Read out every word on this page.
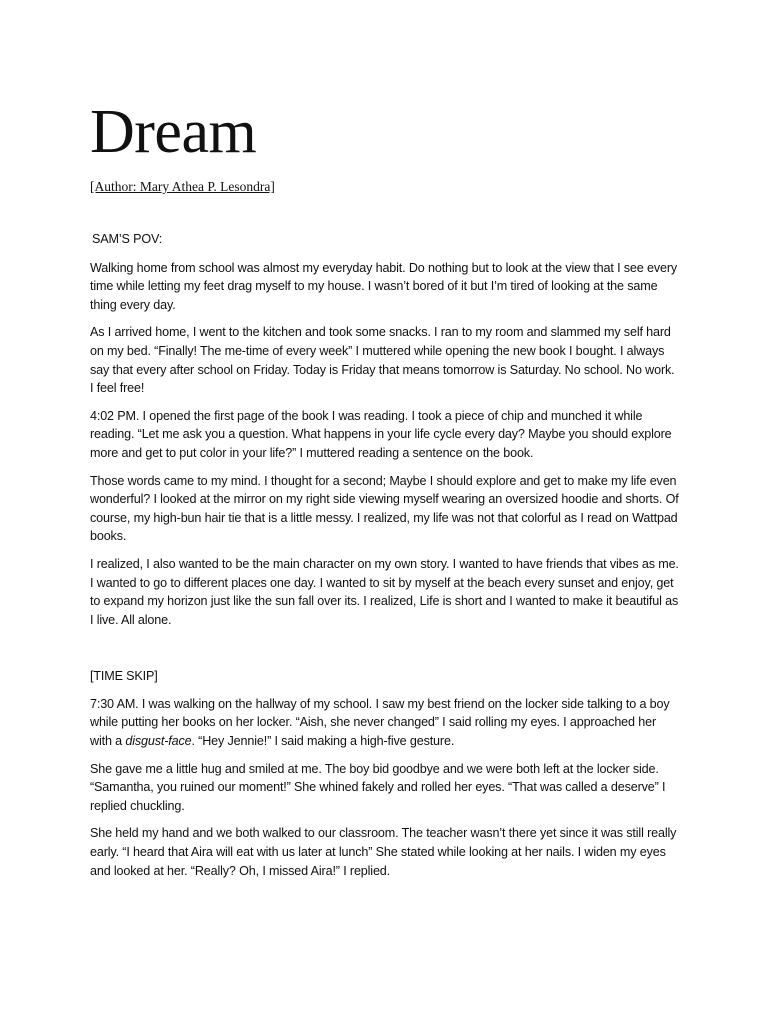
Dream
[Author: Mary Athea P. Lesondra]
SAM’S POV:

Walking home from school was almost my everyday habit. Do nothing but to look at the view that I see every time while letting my feet drag myself to my house. I wasn’t bored of it but I’m tired of looking at the same thing every day.

As I arrived home, I went to the kitchen and took some snacks. I ran to my room and slammed my self hard on my bed. “Finally! The me-time of every week” I muttered while opening the new book I bought. I always say that every after school on Friday. Today is Friday that means tomorrow is Saturday. No school. No work. I feel free!

4:02 PM. I opened the first page of the book I was reading. I took a piece of chip and munched it while reading. “Let me ask you a question. What happens in your life cycle every day? Maybe you should explore more and get to put color in your life?” I muttered reading a sentence on the book.

Those words came to my mind. I thought for a second; Maybe I should explore and get to make my life even wonderful? I looked at the mirror on my right side viewing myself wearing an oversized hoodie and shorts. Of course, my high-bun hair tie that is a little messy. I realized, my life was not that colorful as I read on Wattpad books.

I realized, I also wanted to be the main character on my own story. I wanted to have friends that vibes as me. I wanted to go to different places one day. I wanted to sit by myself at the beach every sunset and enjoy, get to expand my horizon just like the sun fall over its. I realized, Life is short and I wanted to make it beautiful as I live. All alone.

[TIME SKIP]

7:30 AM. I was walking on the hallway of my school. I saw my best friend on the locker side talking to a boy while putting her books on her locker. “Aish, she never changed” I said rolling my eyes. I approached her with a disgust-face. “Hey Jennie!” I said making a high-five gesture.

She gave me a little hug and smiled at me. The boy bid goodbye and we were both left at the locker side. “Samantha, you ruined our moment!” She whined fakely and rolled her eyes. “That was called a deserve” I replied chuckling.

She held my hand and we both walked to our classroom. The teacher wasn’t there yet since it was still really early. “I heard that Aira will eat with us later at lunch” She stated while looking at her nails. I widen my eyes and looked at her. “Really? Oh, I missed Aira!” I replied.
